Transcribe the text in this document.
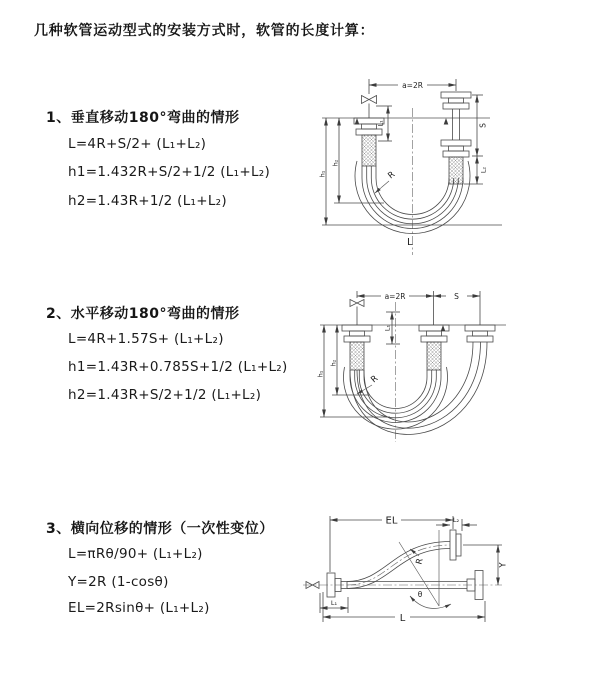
几种软管运动型式的安装方式时，软管的长度计算：
1、垂直移动180°弯曲的情形
L=4R+S/2+ (L₁+L₂)
h1=1.432R+S/2+1/2 (L₁+L₂)
h2=1.43R+1/2 (L₁+L₂)
2、水平移动180°弯曲的情形
L=4R+1.57S+ (L₁+L₂)
h1=1.43R+0.785S+1/2 (L₁+L₂)
h2=1.43R+S/2+1/2 (L₁+L₂)
3、横向位移的情形（一次性变位）
L=πRθ/90+ (L₁+L₂)
Y=2R (1-cosθ)
EL=2Rsinθ+ (L₁+L₂)
a=2R
L₁	S
L₂
h₁
h₂
R
L
a=2R	S
L₁
h₁
h₂
R
EL	L₂
Y
θ
R
L₁
L
